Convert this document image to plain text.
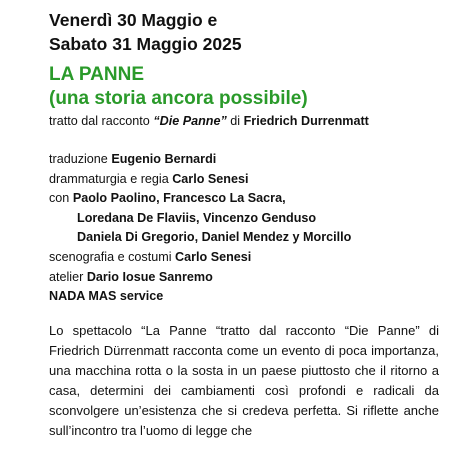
Venerdì 30 Maggio e
Sabato 31 Maggio 2025
LA PANNE
(una storia ancora possibile)
tratto dal racconto “Die Panne” di Friedrich Durrenmatt
traduzione Eugenio Bernardi
drammaturgia e regia Carlo Senesi
con Paolo Paolino, Francesco La Sacra,
Loredana De Flaviis, Vincenzo Genduso
Daniela Di Gregorio, Daniel Mendez y Morcillo
scenografia e costumi Carlo Senesi
atelier Dario Iosue Sanremo
NADA MAS service
Lo spettacolo “La Panne “tratto dal racconto “Die Panne” di Friedrich Dürrenmatt racconta come un evento di poca importanza, una macchina rotta o la sosta in un paese piuttosto che il ritorno a casa, determini dei cambiamenti così profondi e radicali da sconvolgere un’esistenza che si credeva perfetta. Si riflette anche sull’incontro tra l’uomo di legge che
